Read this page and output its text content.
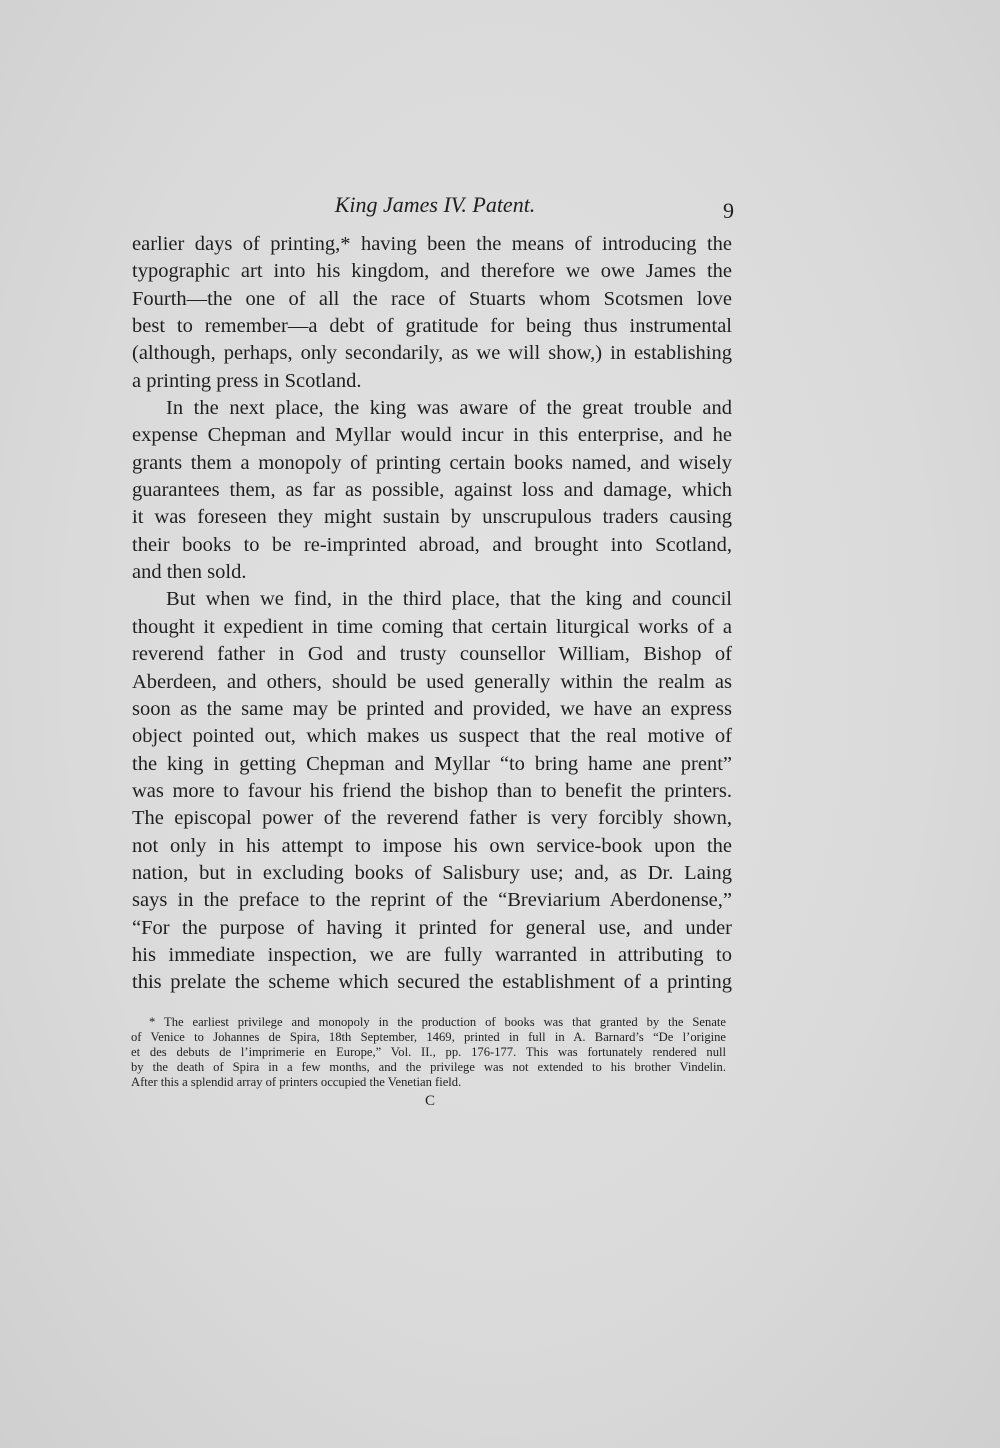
King James IV. Patent.	9
earlier days of printing,* having been the means of introducing the
typographic art into his kingdom, and therefore we owe James the
Fourth—the one of all the race of Stuarts whom Scotsmen love
best to remember—a debt of gratitude for being thus instrumental
(although, perhaps, only secondarily, as we will show,) in establishing
a printing press in Scotland.
In the next place, the king was aware of the great trouble and
expense Chepman and Myllar would incur in this enterprise, and he
grants them a monopoly of printing certain books named, and wisely
guarantees them, as far as possible, against loss and damage, which
it was foreseen they might sustain by unscrupulous traders causing
their books to be re-imprinted abroad, and brought into Scotland,
and then sold.
But when we find, in the third place, that the king and council
thought it expedient in time coming that certain liturgical works of a
reverend father in God and trusty counsellor William, Bishop of
Aberdeen, and others, should be used generally within the realm as
soon as the same may be printed and provided, we have an express
object pointed out, which makes us suspect that the real motive of
the king in getting Chepman and Myllar “to bring hame ane prent”
was more to favour his friend the bishop than to benefit the printers.
The episcopal power of the reverend father is very forcibly shown,
not only in his attempt to impose his own service-book upon the
nation, but in excluding books of Salisbury use; and, as Dr. Laing
says in the preface to the reprint of the “Breviarium Aberdonense,”
“For the purpose of having it printed for general use, and under
his immediate inspection, we are fully warranted in attributing to
this prelate the scheme which secured the establishment of a printing
* The earliest privilege and monopoly in the production of books was that granted by the Senate
of Venice to Johannes de Spira, 18th September, 1469, printed in full in A. Barnard’s “De l’origine
et des debuts de l’imprimerie en Europe,” Vol. II., pp. 176-177. This was fortunately rendered null
by the death of Spira in a few months, and the privilege was not extended to his brother Vindelin.
After this a splendid array of printers occupied the Venetian field.
C
